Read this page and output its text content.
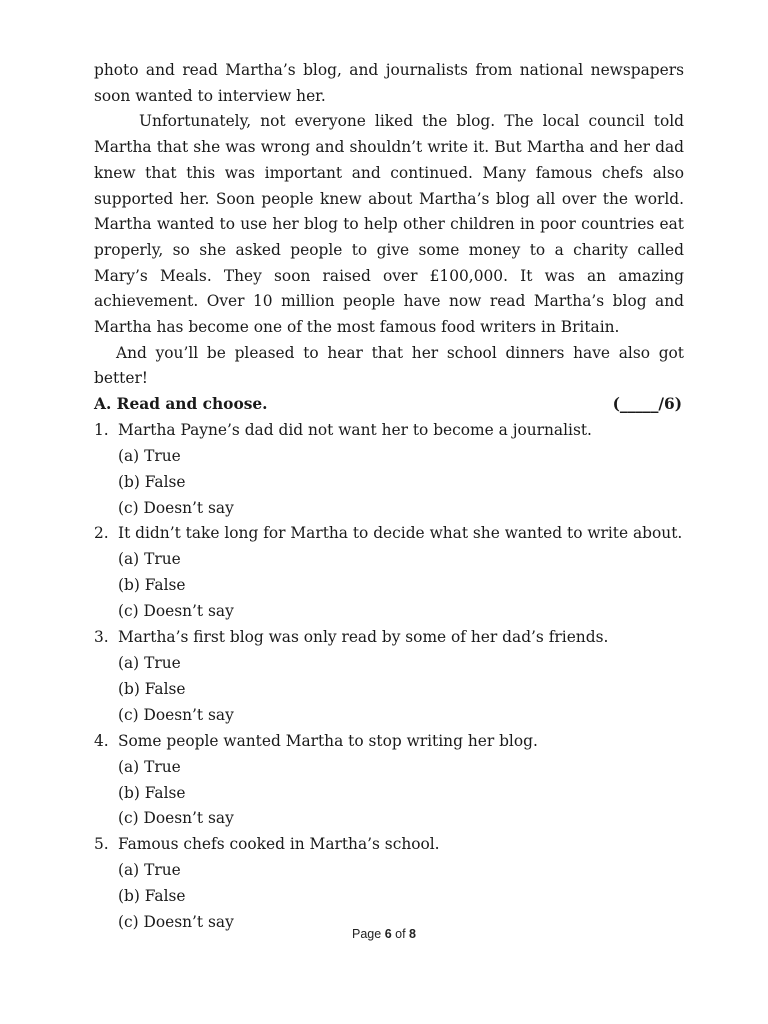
photo and read Martha’s blog, and journalists from national newspapers soon wanted to interview her.

Unfortunately, not everyone liked the blog. The local council told Martha that she was wrong and shouldn’t write it. But Martha and her dad knew that this was important and continued. Many famous chefs also supported her. Soon people knew about Martha’s blog all over the world. Martha wanted to use her blog to help other children in poor countries eat properly, so she asked people to give some money to a charity called Mary’s Meals. They soon raised over £100,000. It was an amazing achievement. Over 10 million people have now read Martha’s blog and Martha has become one of the most famous food writers in Britain.

And you’ll be pleased to hear that her school dinners have also got better!

A. Read and choose.	(_____/6)

1. Martha Payne’s dad did not want her to become a journalist.

(a) True

(b) False

(c) Doesn’t say

2. It didn’t take long for Martha to decide what she wanted to write about.

(a) True

(b) False

(c) Doesn’t say

3. Martha’s first blog was only read by some of her dad’s friends.

(a) True

(b) False

(c) Doesn’t say

4. Some people wanted Martha to stop writing her blog.

(a) True

(b) False

(c) Doesn’t say

5. Famous chefs cooked in Martha’s school.

(a) True

(b) False

(c) Doesn’t say

Page 6 of 8
